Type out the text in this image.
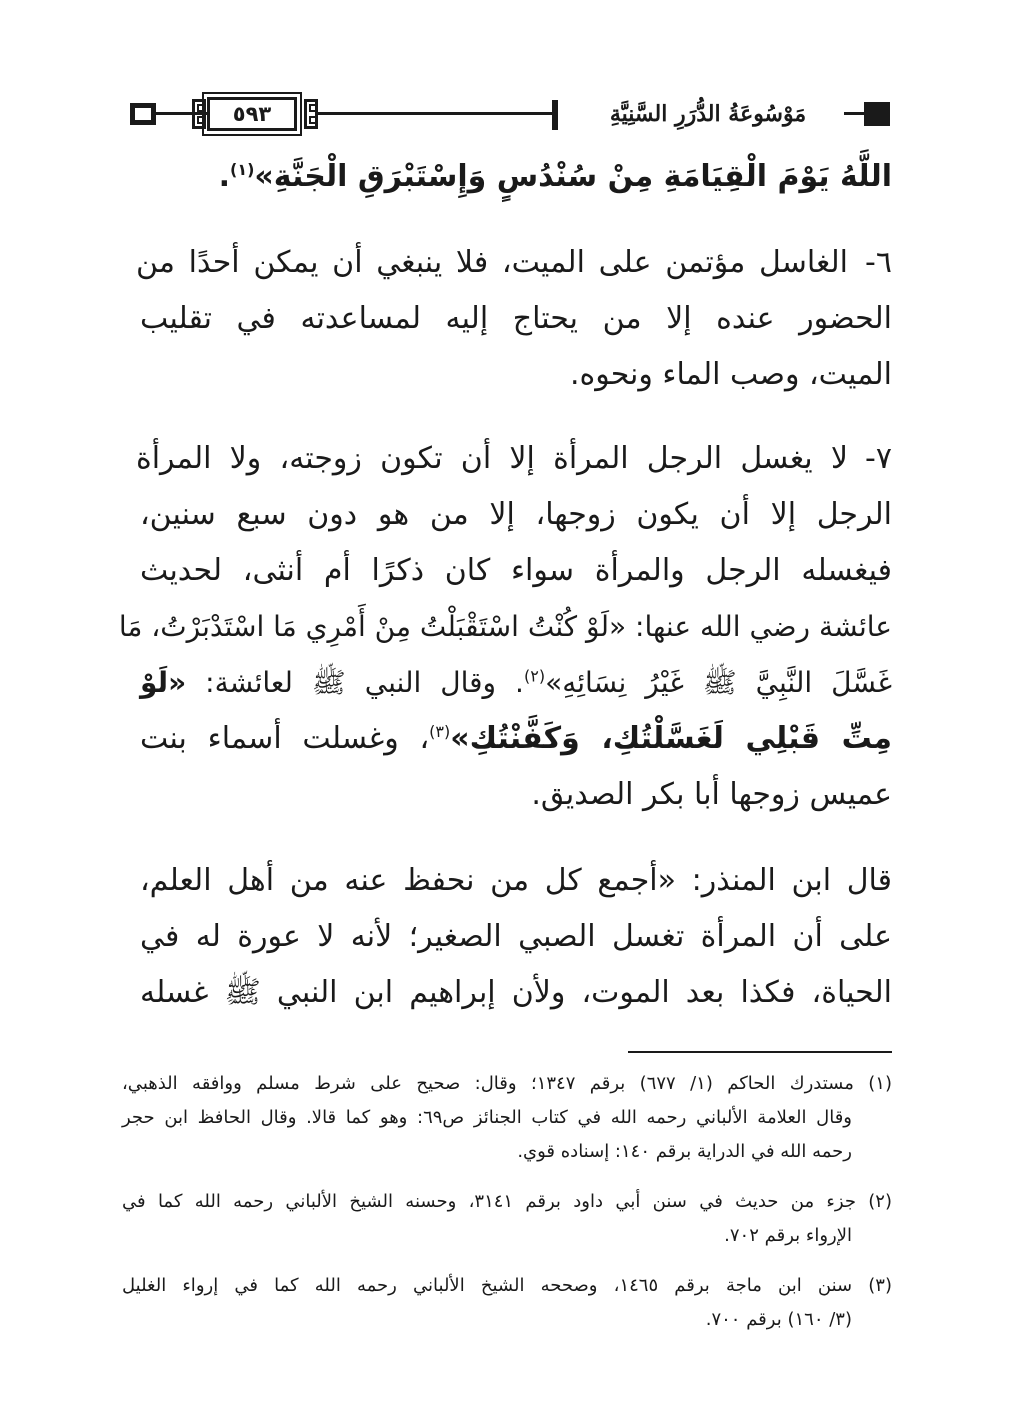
٥٩٣	مَوْسُوعَةُ الدُّرَرِ السَّنِيَّةِ
اللَّهُ يَوْمَ الْقِيَامَةِ مِنْ سُنْدُسٍ وَإِسْتَبْرَقِ الْجَنَّةِ»$^{(١)}$.
٦-الغاسل مؤتمن على الميت، فلا ينبغي أن يمكن أحدًا من
الحضور عنده إلا من يحتاج إليه لمساعدته في تقليب
الميت، وصب الماء ونحوه.
٧-لا يغسل الرجل المرأة إلا أن تكون زوجته، ولا المرأة
الرجل إلا أن يكون زوجها، إلا من هو دون سبع سنين،
فيغسله الرجل والمرأة سواء كان ذكرًا أم أنثى، لحديث
عائشة رضي الله عنها: «لَوْ كُنْتُ اسْتَقْبَلْتُ مِنْ أَمْرِي مَا اسْتَدْبَرْتُ، مَا
غَسَّلَ النَّبِيَّ ﷺ غَيْرُ نِسَائِهِ»$^{(٢)}$. وقال النبي ﷺ لعائشة: «لَوْ
مِتِّ قَبْلِي لَغَسَّلْتُكِ، وَكَفَّنْتُكِ»$^{(٣)}$، وغسلت أسماء بنت
عميس زوجها أبا بكر الصديق.
قال ابن المنذر: «أجمع كل من نحفظ عنه من أهل العلم،
على أن المرأة تغسل الصبي الصغير؛ لأنه لا عورة له في
الحياة، فكذا بعد الموت، ولأن إبراهيم ابن النبي ﷺ غسله
(١) مستدرك الحاكم (١/ ٦٧٧) برقم ١٣٤٧؛ وقال: صحيح على شرط مسلم ووافقه الذهبي،
وقال العلامة الألباني رحمه الله في كتاب الجنائز ص٦٩: وهو كما قالا. وقال الحافظ ابن حجر
رحمه الله في الدراية برقم ١٤٠: إسناده قوي.
(٢) جزء من حديث في سنن أبي داود برقم ٣١٤١، وحسنه الشيخ الألباني رحمه الله كما في
الإرواء برقم ٧٠٢.
(٣) سنن ابن ماجة برقم ١٤٦٥، وصححه الشيخ الألباني رحمه الله كما في إرواء الغليل
(٣/ ١٦٠) برقم ٧٠٠.
